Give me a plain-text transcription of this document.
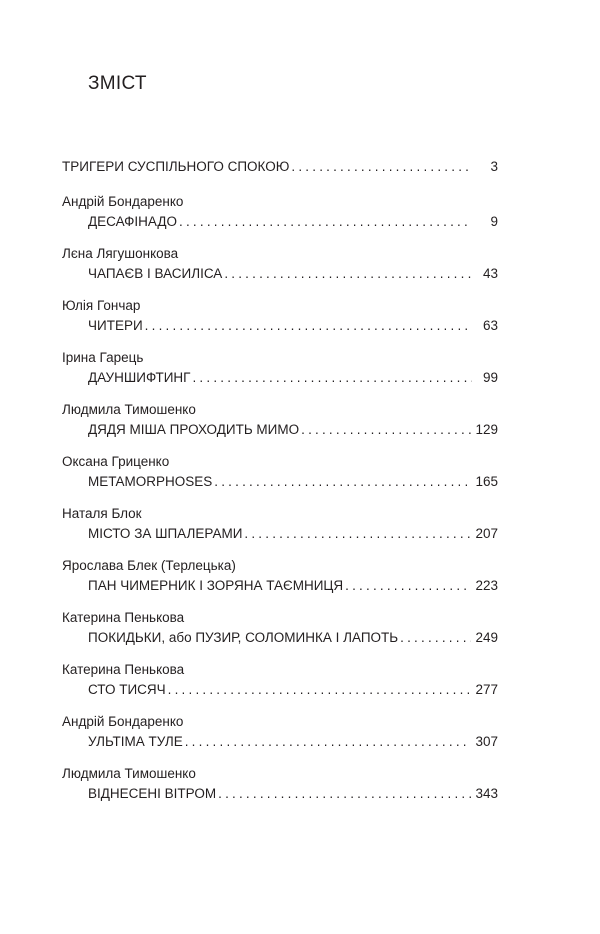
ЗМІСТ
ТРИГЕРИ СУСПІЛЬНОГО СПОКОЮ .....	3
Андрій Бондаренко
ДЕСАФІНАДО .....	9
Лєна Лягушонкова
ЧАПАЄВ І ВАСИЛІСА .....	43
Юлія Гончар
ЧИТЕРИ .....	63
Ірина Гарець
ДАУНШИФТИНГ .....	99
Людмила Тимошенко
ДЯДЯ МІША ПРОХОДИТЬ МИМО .....	129
Оксана Гриценко
METAMORPHOSES .....	165
Наталя Блок
МІСТО ЗА ШПАЛЕРАМИ .....	207
Ярослава Блек (Терлецька)
ПАН ЧИМЕРНИК І ЗОРЯНА ТАЄМНИЦЯ .....	223
Катерина Пенькова
ПОКИДЬКИ, або ПУЗИР, СОЛОМИНКА І ЛАПОТЬ .....	249
Катерина Пенькова
СТО ТИСЯЧ .....	277
Андрій Бондаренко
УЛЬТІМА ТУЛЕ .....	307
Людмила Тимошенко
ВІДНЕСЕНІ ВІТРОМ .....	343
